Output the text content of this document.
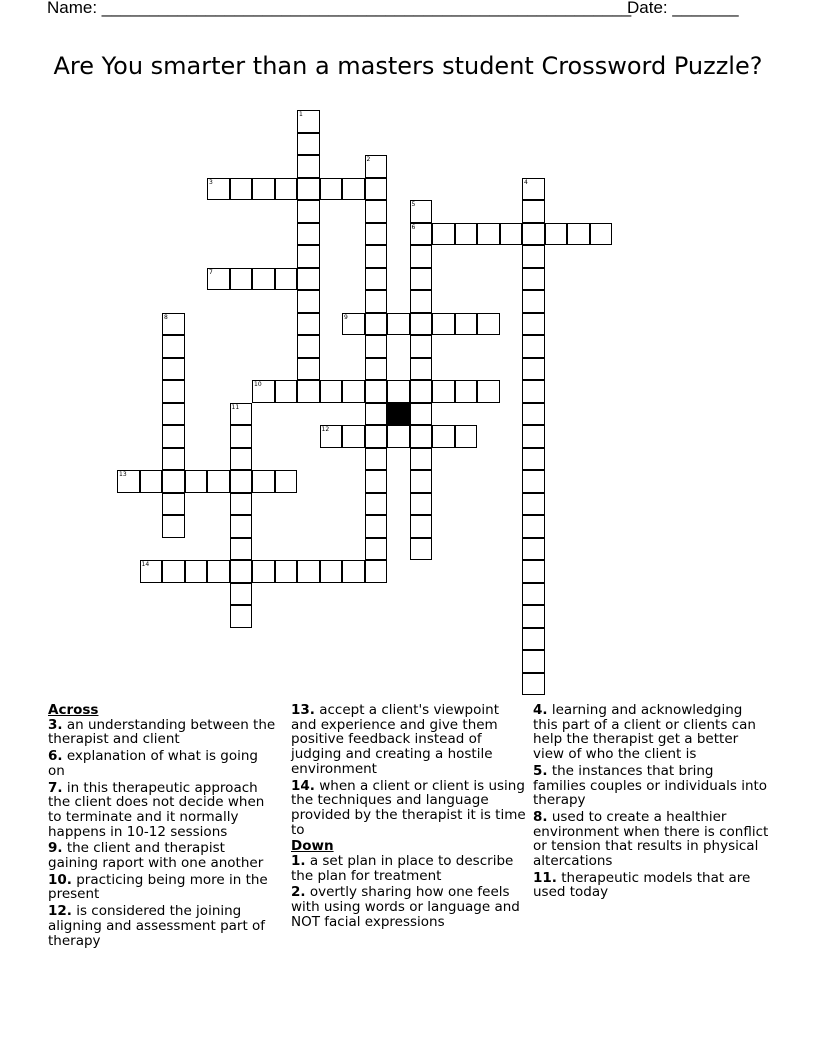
Name: ________________________________________________________
Date: _______
Are You smarter than a masters student Crossword Puzzle?
1
2
3	4
5
6
7
8	9
10
11
12
13
14
Across
3. an understanding between the therapist and client
6. explanation of what is going on
7. in this therapeutic approach the client does not decide when to terminate and it normally happens in 10-12 sessions
9. the client and therapist gaining raport with one another
10. practicing being more in the present
12. is considered the joining aligning and assessment part of therapy
13. accept a client's viewpoint and experience and give them positive feedback instead of judging and creating a hostile environment
14. when a client or client is using the techniques and language provided by the therapist it is time to
Down
1. a set plan in place to describe the plan for treatment
2. overtly sharing how one feels with using words or language and NOT facial expressions
4. learning and acknowledging this part of a client or clients can help the therapist get a better view of who the client is
5. the instances that bring families couples or individuals into therapy
8. used to create a healthier environment when there is conflict or tension that results in physical altercations
11. therapeutic models that are used today
